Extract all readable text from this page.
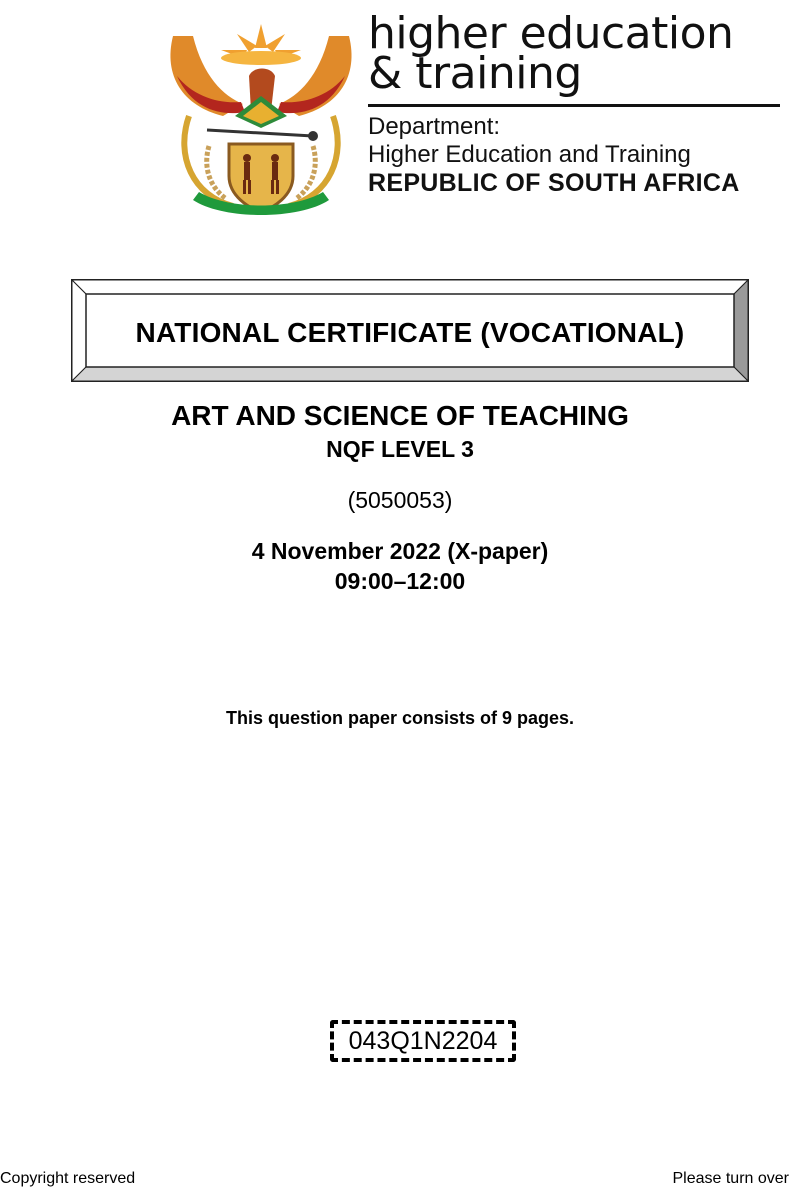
higher education
& training
Department:
Higher Education and Training
REPUBLIC OF SOUTH AFRICA
NATIONAL CERTIFICATE (VOCATIONAL)
ART AND SCIENCE OF TEACHING
NQF LEVEL 3
(5050053)
4 November 2022 (X-paper)
09:00–12:00
This question paper consists of 9 pages.
043Q1N2204
Copyright reserved	Please turn over
